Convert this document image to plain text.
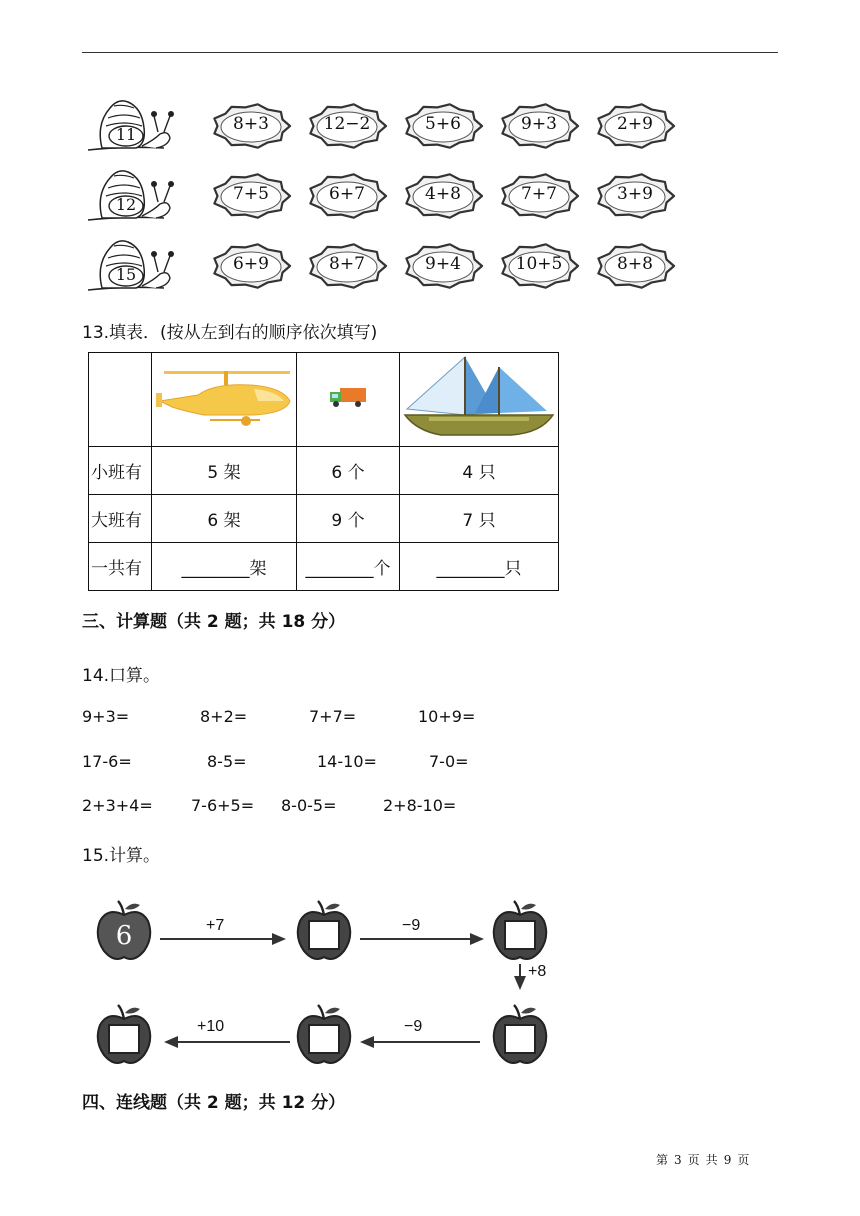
11
8+3	12−2	5+6	9+3	2+9
12
7+5	6+7	4+8	7+7	3+9
15
6+9	8+7	9+4	10+5	8+8
13.填表．(按从左到右的顺序依次填写)

小班有	5 架	6 个	4 只
大班有	6 架	9 个	7 只
一共有	________架	________个	________只
三、计算题（共 2 题；共 18 分）
14.口算。
9+3=	8+2=	7+7=	10+9=
17-6=	8-5=	14-10=	7-0=
2+3+4= 7-6+5= 8-0-5=	2+8-10=
15.计算。
+7	−9
+8
−9
+10
6
四、连线题（共 2 题；共 12 分）
第 3 页 共 9 页
